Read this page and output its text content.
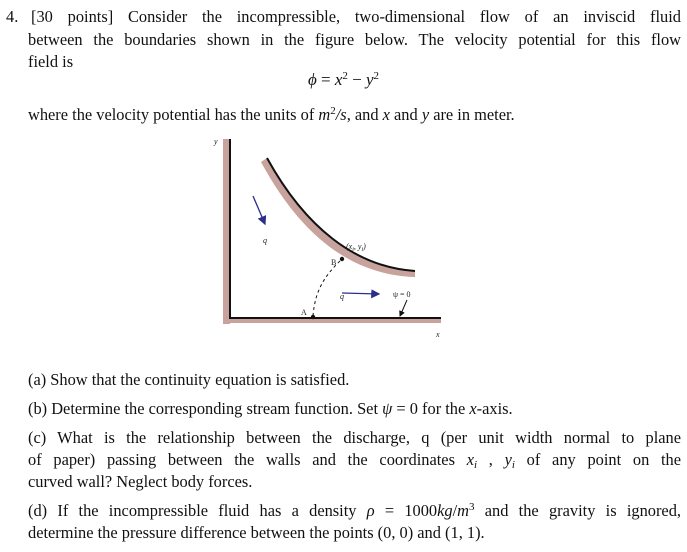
4. [30 points] Consider the incompressible, two-dimensional flow of an inviscid fluid
between the boundaries shown in the figure below. The velocity potential for this flow
field is
$\phi = x^2 - y^2$
where the velocity potential has the units of $m^2/s$, and x and y are in meter.
y
x
q
q
B
A
($x_i$, $y_i$)
ψ = 0
(a) Show that the continuity equation is satisfied.
(b) Determine the corresponding stream function. Set ψ = 0 for the x-axis.
(c) What is the relationship between the discharge, q (per unit width normal to plane
of paper) passing between the walls and the coordinates $x_i$ , $y_i$ of any point on the
curved wall? Neglect body forces.
(d) If the incompressible fluid has a density $\rho = 1000kg/m^3$ and the gravity is ignored,
determine the pressure difference between the points (0, 0) and (1, 1).
